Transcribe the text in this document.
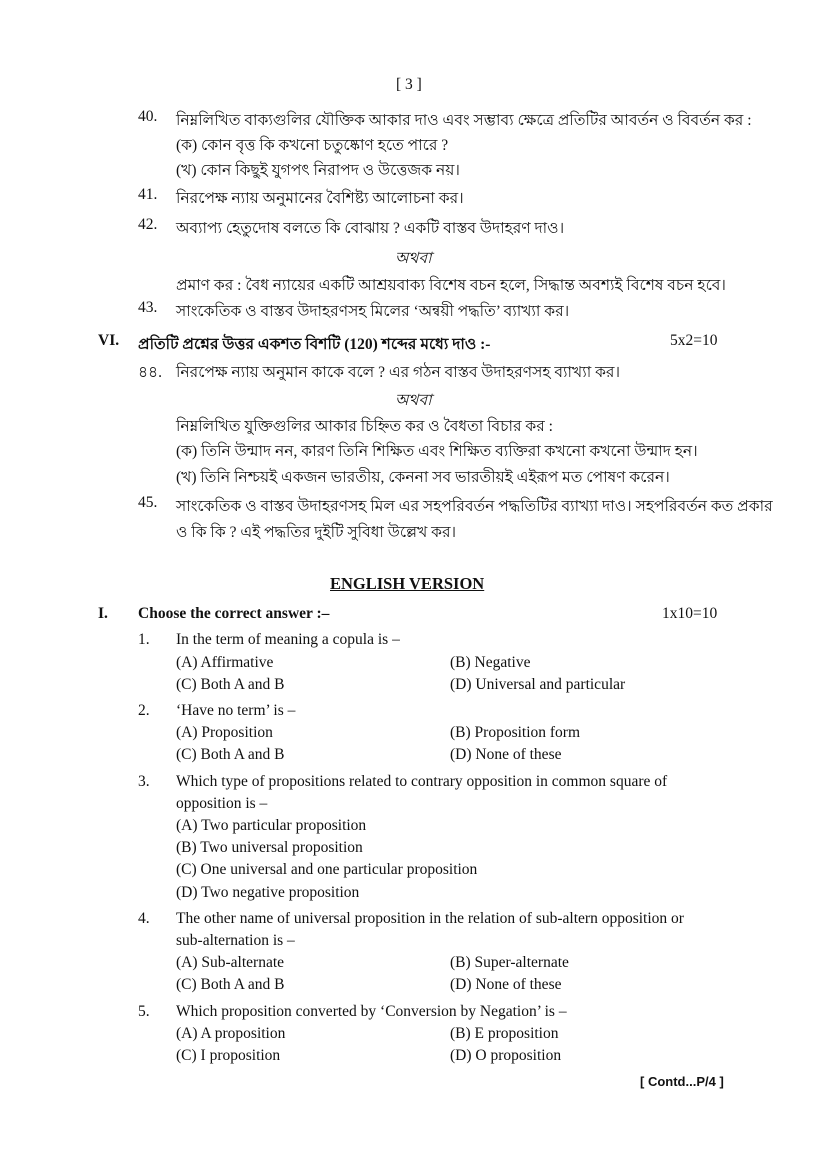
[ 3 ]
40. নিম্নলিখিত বাক্যগুলির যৌক্তিক আকার দাও এবং সম্ভাব্য ক্ষেত্রে প্রতিটির আবর্তন ও বিবর্তন কর :
(ক) কোন বৃত্ত কি কখনো চতুষ্কোণ হতে পারে ?
(খ) কোন কিছুই যুগপৎ নিরাপদ ও উত্তেজক নয়।
41. নিরপেক্ষ ন্যায় অনুমানের বৈশিষ্ট্য আলোচনা কর।
42. অব্যাপ্য হেতুদোষ বলতে কি বোঝায় ? একটি বাস্তব উদাহরণ দাও।
অথবা
প্রমাণ কর : বৈধ ন্যায়ের একটি আশ্রয়বাক্য বিশেষ বচন হলে, সিদ্ধান্ত অবশ্যই বিশেষ বচন হবে।
43. সাংকেতিক ও বাস্তব উদাহরণসহ মিলের ‘অন্বয়ী পদ্ধতি’ ব্যাখ্যা কর।
VI. প্রতিটি প্রশ্নের উত্তর একশত বিশটি (120) শব্দের মধ্যে দাও :-	5x2=10
৪৪. নিরপেক্ষ ন্যায় অনুমান কাকে বলে ? এর গঠন বাস্তব উদাহরণসহ ব্যাখ্যা কর।
অথবা
নিম্নলিখিত যুক্তিগুলির আকার চিহ্নিত কর ও বৈধতা বিচার কর :
(ক) তিনি উন্মাদ নন, কারণ তিনি শিক্ষিত এবং শিক্ষিত ব্যক্তিরা কখনো কখনো উন্মাদ হন।
(খ) তিনি নিশ্চয়ই একজন ভারতীয়, কেননা সব ভারতীয়ই এইরূপ মত পোষণ করেন।
45. সাংকেতিক ও বাস্তব উদাহরণসহ মিল এর সহপরিবর্তন পদ্ধতিটির ব্যাখ্যা দাও। সহপরিবর্তন কত প্রকার
ও কি কি ? এই পদ্ধতির দুইটি সুবিধা উল্লেখ কর।
ENGLISH VERSION
I. Choose the correct answer :–	1x10=10
1. In the term of meaning a copula is –
(A) Affirmative	(B) Negative
(C) Both A and B	(D) Universal and particular
2. ‘Have no term’ is –
(A) Proposition	(B) Proposition form
(C) Both A and B	(D) None of these
3. Which type of propositions related to contrary opposition in common square of
opposition is –
(A) Two particular proposition
(B) Two universal proposition
(C) One universal and one particular proposition
(D) Two negative proposition
4. The other name of universal proposition in the relation of sub-altern opposition or
sub-alternation is –
(A) Sub-alternate	(B) Super-alternate
(C) Both A and B	(D) None of these
5. Which proposition converted by ‘Conversion by Negation’ is –
(A) A proposition	(B) E proposition
(C) I proposition	(D) O proposition
[ Contd...P/4 ]
